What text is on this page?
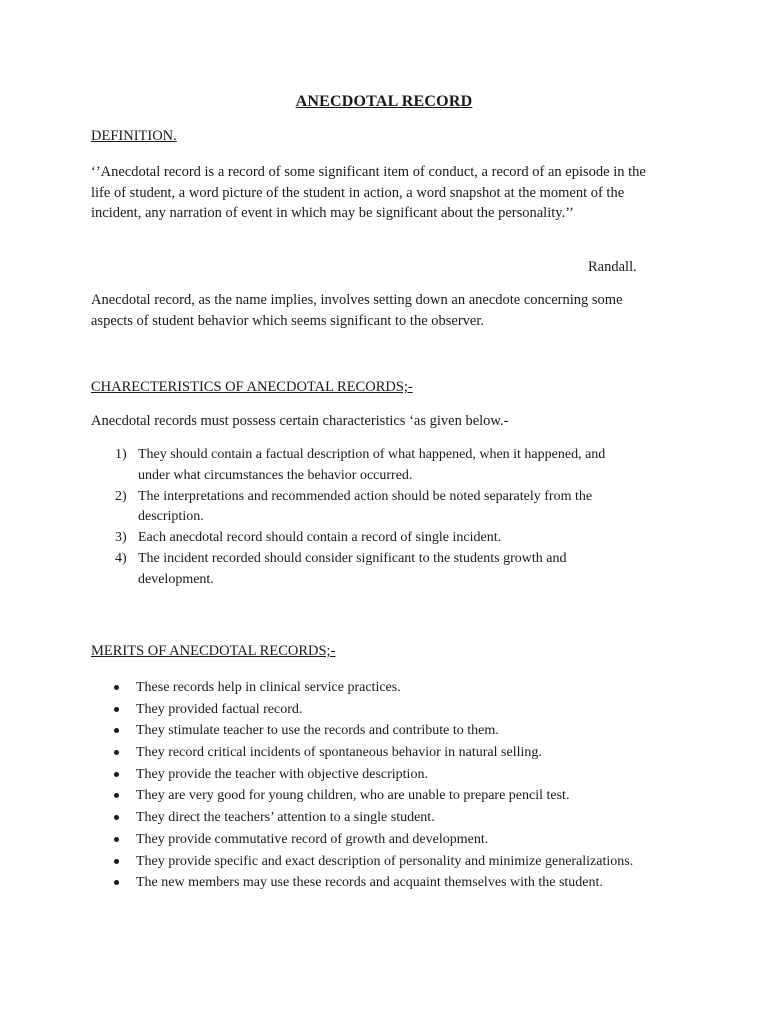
ANECDOTAL RECORD
DEFINITION.
‘’Anecdotal record is a record of some significant item of conduct, a record of an episode in the
life of student, a word picture of the student in action, a word snapshot at the moment of the
incident, any narration of event in which may be significant about the personality.’’
Randall.
Anecdotal record, as the name implies, involves setting down an anecdote concerning some
aspects of student behavior which seems significant to the observer.
CHARECTERISTICS OF ANECDOTAL RECORDS;-
Anecdotal records must possess certain characteristics ‘as given below.-
1) They should contain a factual description of what happened, when it happened, and
under what circumstances the behavior occurred.
2) The interpretations and recommended action should be noted separately from the
description.
3) Each anecdotal record should contain a record of single incident.
4) The incident recorded should consider significant to the students growth and
development.
MERITS OF ANECDOTAL RECORDS;-
These records help in clinical service practices.
They provided factual record.
They stimulate teacher to use the records and contribute to them.
They record critical incidents of spontaneous behavior in natural selling.
They provide the teacher with objective description.
They are very good for young children, who are unable to prepare pencil test.
They direct the teachers’ attention to a single student.
They provide commutative record of growth and development.
They provide specific and exact description of personality and minimize generalizations.
The new members may use these records and acquaint themselves with the student.
